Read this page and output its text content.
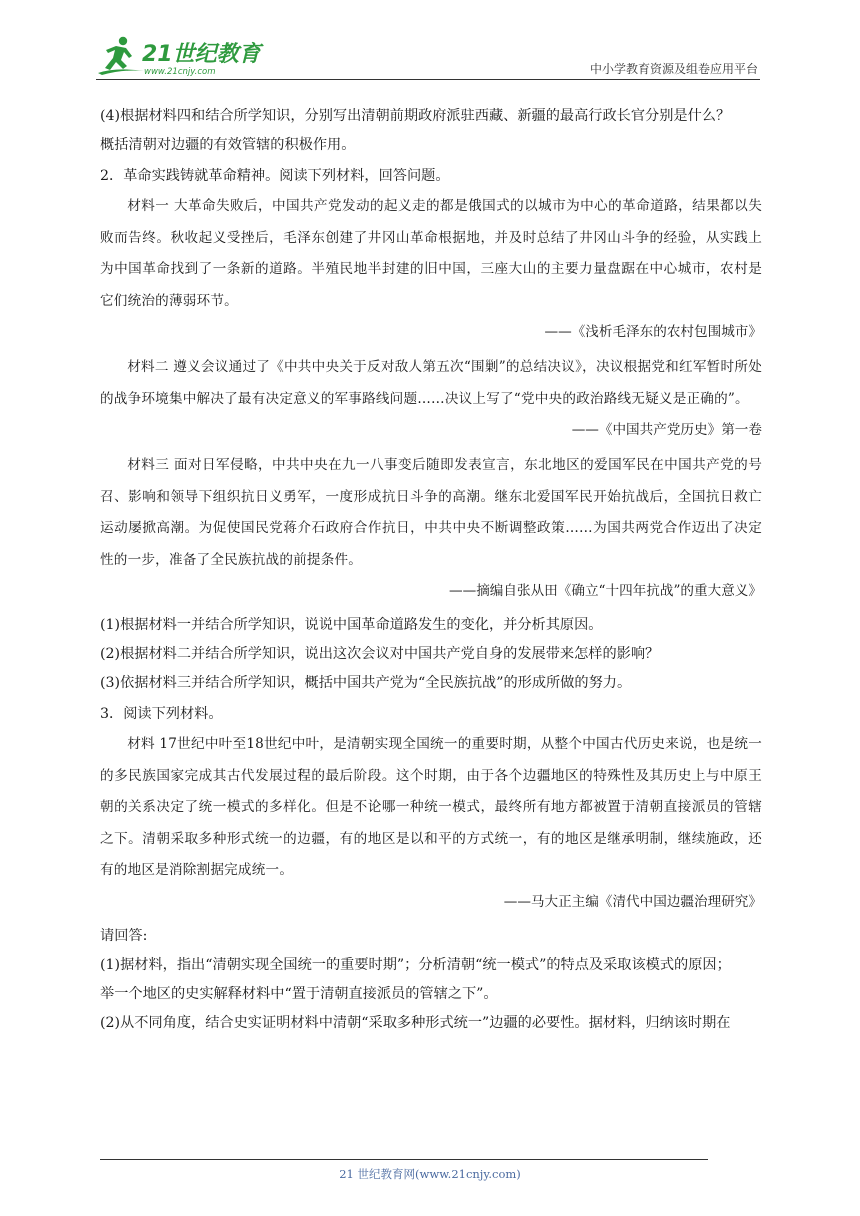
21世纪教育
www.21cnjy.com	中小学教育资源及组卷应用平台

(4)根据材料四和结合所学知识，分别写出清朝前期政府派驻西藏、新疆的最高行政长官分别是什么？

概括清朝对边疆的有效管辖的积极作用。

2．革命实践铸就革命精神。阅读下列材料，回答问题。

材料一 大革命失败后，中国共产党发动的起义走的都是俄国式的以城市为中心的革命道路，结果都以失败而告终。秋收起义受挫后，毛泽东创建了井冈山革命根据地，并及时总结了井冈山斗争的经验，从实践上为中国革命找到了一条新的道路。半殖民地半封建的旧中国，三座大山的主要力量盘踞在中心城市，农村是它们统治的薄弱环节。

——《浅析毛泽东的农村包围城市》

材料二 遵义会议通过了《中共中央关于反对敌人第五次“围剿”的总结决议》，决议根据党和红军暂时所处的战争环境集中解决了最有决定意义的军事路线问题……决议上写了“党中央的政治路线无疑义是正确的”。

——《中国共产党历史》第一卷

材料三 面对日军侵略，中共中央在九一八事变后随即发表宣言，东北地区的爱国军民在中国共产党的号召、影响和领导下组织抗日义勇军，一度形成抗日斗争的高潮。继东北爱国军民开始抗战后，全国抗日救亡运动屡掀高潮。为促使国民党蒋介石政府合作抗日，中共中央不断调整政策……为国共两党合作迈出了决定性的一步，准备了全民族抗战的前提条件。

——摘编自张从田《确立“十四年抗战”的重大意义》

(1)根据材料一并结合所学知识，说说中国革命道路发生的变化，并分析其原因。

(2)根据材料二并结合所学知识，说出这次会议对中国共产党自身的发展带来怎样的影响？

(3)依据材料三并结合所学知识，概括中国共产党为“全民族抗战”的形成所做的努力。

3．阅读下列材料。

材料 17世纪中叶至18世纪中叶，是清朝实现全国统一的重要时期，从整个中国古代历史来说，也是统一的多民族国家完成其古代发展过程的最后阶段。这个时期，由于各个边疆地区的特殊性及其历史上与中原王朝的关系决定了统一模式的多样化。但是不论哪一种统一模式，最终所有地方都被置于清朝直接派员的管辖之下。清朝采取多种形式统一的边疆，有的地区是以和平的方式统一，有的地区是继承明制，继续施政，还有的地区是消除割据完成统一。

——马大正主编《清代中国边疆治理研究》

请回答:

(1)据材料，指出“清朝实现全国统一的重要时期”；分析清朝“统一模式”的特点及采取该模式的原因；

举一个地区的史实解释材料中“置于清朝直接派员的管辖之下”。

(2)从不同角度，结合史实证明材料中清朝“采取多种形式统一”边疆的必要性。据材料，归纳该时期在

21 世纪教育网(www.21cnjy.com)
